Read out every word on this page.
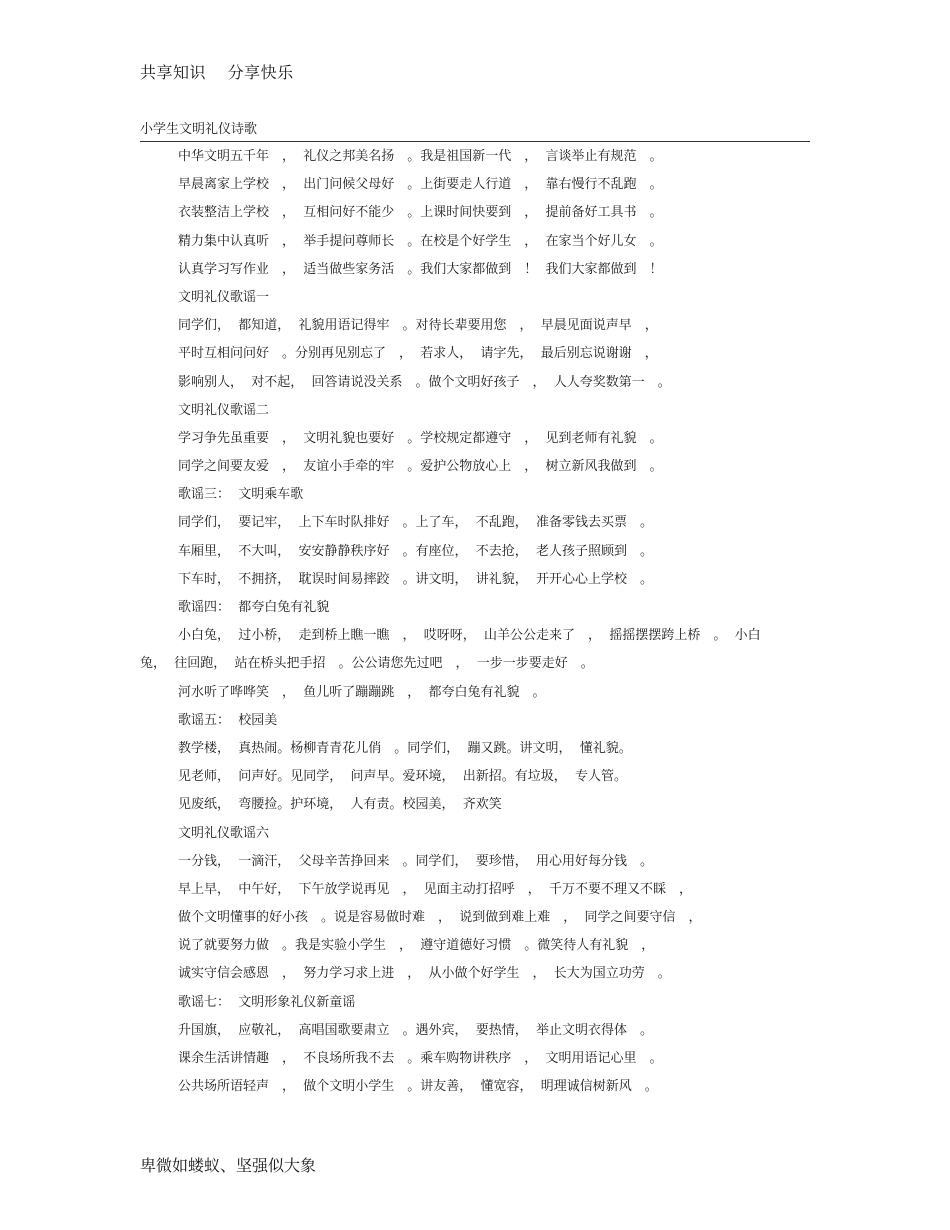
共享知识 分享快乐
小学生文明礼仪诗歌
中华文明五千年　，  礼仪之邦美名扬　。我是祖国新一代　，  言谈举止有规范　。
早晨离家上学校　，  出门问候父母好　。上街要走人行道　，  靠右慢行不乱跑　。
衣装整洁上学校　，  互相问好不能少　。上课时间快要到　，  提前备好工具书　。
精力集中认真听　，  举手提问尊师长　。在校是个好学生　，  在家当个好儿女　。
认真学习写作业　，  适当做些家务活　。我们大家都做到　！  我们大家都做到　！
文明礼仪歌谣一
同学们，  都知道，  礼貌用语记得牢　。对待长辈要用您　，  早晨见面说声早　，
平时互相问问好　。分别再见别忘了　，  若求人，  请字先，  最后别忘说谢谢　，
影响别人，  对不起，  回答请说没关系　。做个文明好孩子　，  人人夸奖数第一　。
文明礼仪歌谣二
学习争先虽重要　，  文明礼貌也要好　。学校规定都遵守　，  见到老师有礼貌　。
同学之间要友爱　，  友谊小手牵的牢　。爱护公物放心上　，  树立新风我做到　。
歌谣三：  文明乘车歌
同学们，  要记牢，  上下车时队排好　。上了车，  不乱跑，  准备零钱去买票　。
车厢里，  不大叫，  安安静静秩序好　。有座位，  不去抢，  老人孩子照顾到　。
下车时，  不拥挤，  耽误时间易摔跤　。讲文明，  讲礼貌，  开开心心上学校　。
歌谣四：  都夸白兔有礼貌
小白兔，  过小桥，  走到桥上瞧一瞧　，  哎呀呀，  山羊公公走来了　，  摇摇摆摆跨上桥　。  小白
兔，  往回跑，  站在桥头把手招　。公公请您先过吧　，  一步一步要走好　。
河水听了哗哗笑　，  鱼儿听了蹦蹦跳　，  都夸白兔有礼貌　。
歌谣五：  校园美
教学楼，  真热闹。杨柳青青花儿俏　。同学们，  蹦又跳。讲文明，  懂礼貌。
见老师，  问声好。见同学，  问声早。爱环境，  出新招。有垃圾，  专人管。
见废纸，  弯腰捡。护环境，  人有责。校园美，  齐欢笑
文明礼仪歌谣六
一分钱，  一滴汗，  父母辛苦挣回来　。同学们，  要珍惜，  用心用好每分钱　。
早上早，  中午好，  下午放学说再见　，  见面主动打招呼　，  千万不要不理又不睬　，
做个文明懂事的好小孩　。说是容易做时难　，  说到做到难上难　，  同学之间要守信　，
说了就要努力做　。我是实验小学生　，  遵守道德好习惯　。微笑待人有礼貌　，
诚实守信会感恩　，  努力学习求上进　，  从小做个好学生　，  长大为国立功劳　。
歌谣七：  文明形象礼仪新童谣
升国旗，  应敬礼，  高唱国歌要肃立　。遇外宾，  要热情，  举止文明衣得体　。
课余生活讲情趣　，  不良场所我不去　。乘车购物讲秩序　，  文明用语记心里　。
公共场所语轻声　，  做个文明小学生　。讲友善，  懂宽容，  明理诚信树新风　。
卑微如蝼蚁、坚强似大象
